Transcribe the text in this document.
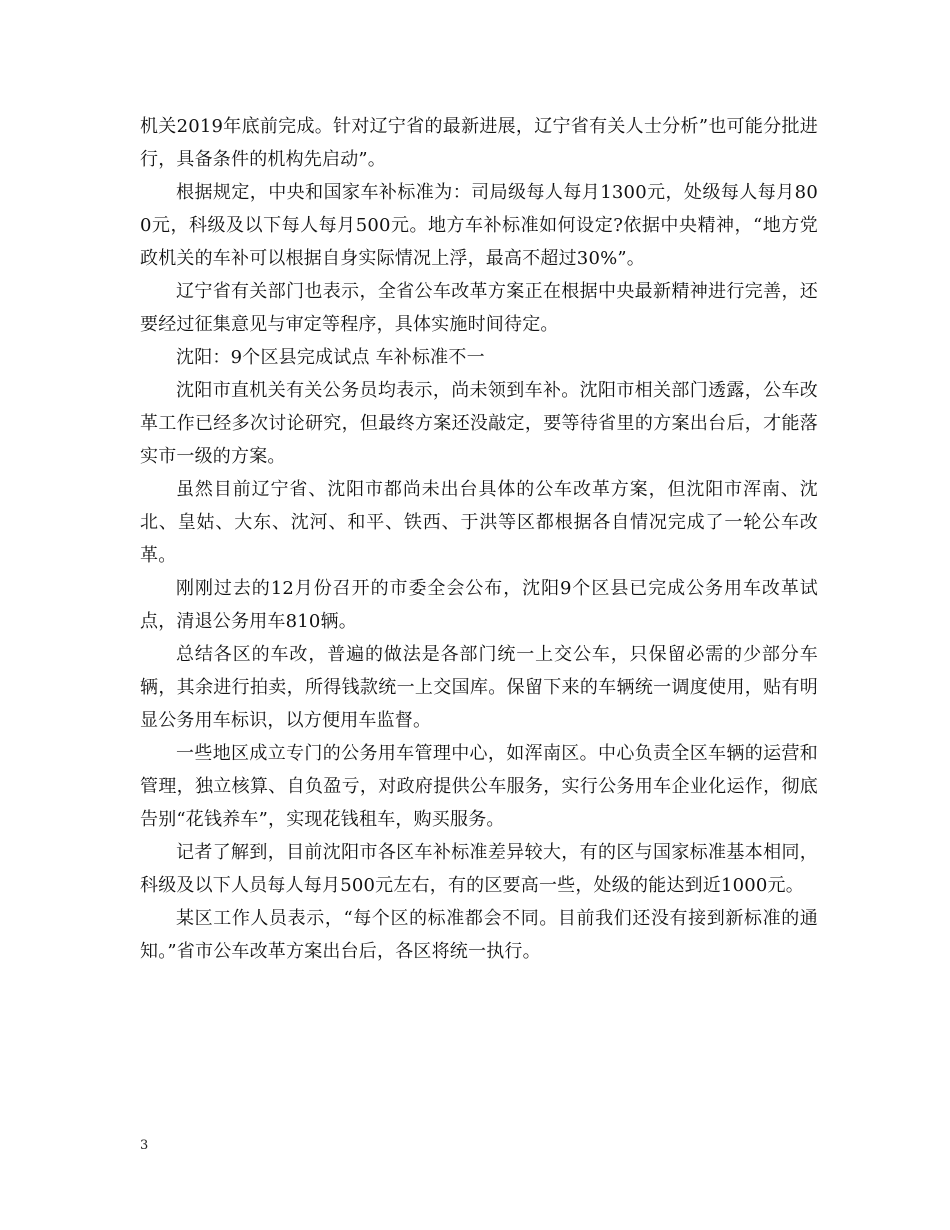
机关2019年底前完成。针对辽宁省的最新进展，辽宁省有关人士分析”也可能分批进行，具备条件的机构先启动”。

根据规定，中央和国家车补标准为：司局级每人每月1300元，处级每人每月800元，科级及以下每人每月500元。地方车补标准如何设定?依据中央精神，“地方党政机关的车补可以根据自身实际情况上浮，最高不超过30%”。

辽宁省有关部门也表示，全省公车改革方案正在根据中央最新精神进行完善，还要经过征集意见与审定等程序，具体实施时间待定。

沈阳：9个区县完成试点 车补标准不一

沈阳市直机关有关公务员均表示，尚未领到车补。沈阳市相关部门透露，公车改革工作已经多次讨论研究，但最终方案还没敲定，要等待省里的方案出台后，才能落实市一级的方案。

虽然目前辽宁省、沈阳市都尚未出台具体的公车改革方案，但沈阳市浑南、沈北、皇姑、大东、沈河、和平、铁西、于洪等区都根据各自情况完成了一轮公车改革。

刚刚过去的12月份召开的市委全会公布，沈阳9个区县已完成公务用车改革试点，清退公务用车810辆。

总结各区的车改，普遍的做法是各部门统一上交公车，只保留必需的少部分车辆，其余进行拍卖，所得钱款统一上交国库。保留下来的车辆统一调度使用，贴有明显公务用车标识，以方便用车监督。

一些地区成立专门的公务用车管理中心，如浑南区。中心负责全区车辆的运营和管理，独立核算、自负盈亏，对政府提供公车服务，实行公务用车企业化运作，彻底告别“花钱养车”，实现花钱租车，购买服务。

记者了解到，目前沈阳市各区车补标准差异较大，有的区与国家标准基本相同，科级及以下人员每人每月500元左右，有的区要高一些，处级的能达到近1000元。

某区工作人员表示，“每个区的标准都会不同。目前我们还没有接到新标准的通知。”省市公车改革方案出台后，各区将统一执行。

3
